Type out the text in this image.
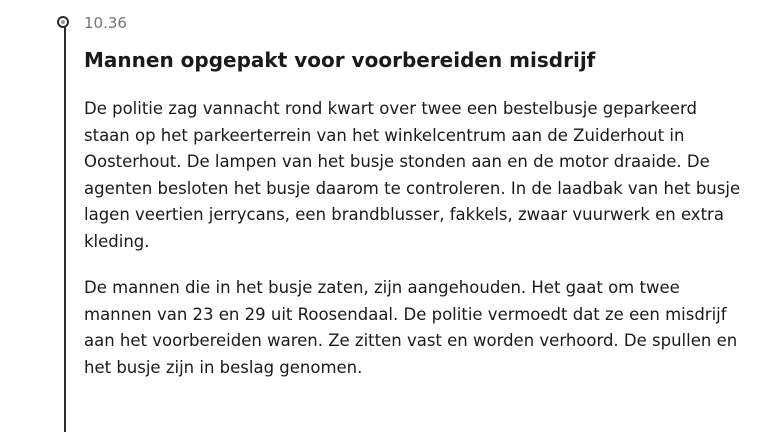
10.36

Mannen opgepakt voor voorbereiden misdrijf

De politie zag vannacht rond kwart over twee een bestelbusje geparkeerd staan op het parkeerterrein van het winkelcentrum aan de Zuiderhout in Oosterhout. De lampen van het busje stonden aan en de motor draaide. De agenten besloten het busje daarom te controleren. In de laadbak van het busje lagen veertien jerrycans, een brandblusser, fakkels, zwaar vuurwerk en extra kleding.

De mannen die in het busje zaten, zijn aangehouden. Het gaat om twee mannen van 23 en 29 uit Roosendaal. De politie vermoedt dat ze een misdrijf aan het voorbereiden waren. Ze zitten vast en worden verhoord. De spullen en het busje zijn in beslag genomen.
